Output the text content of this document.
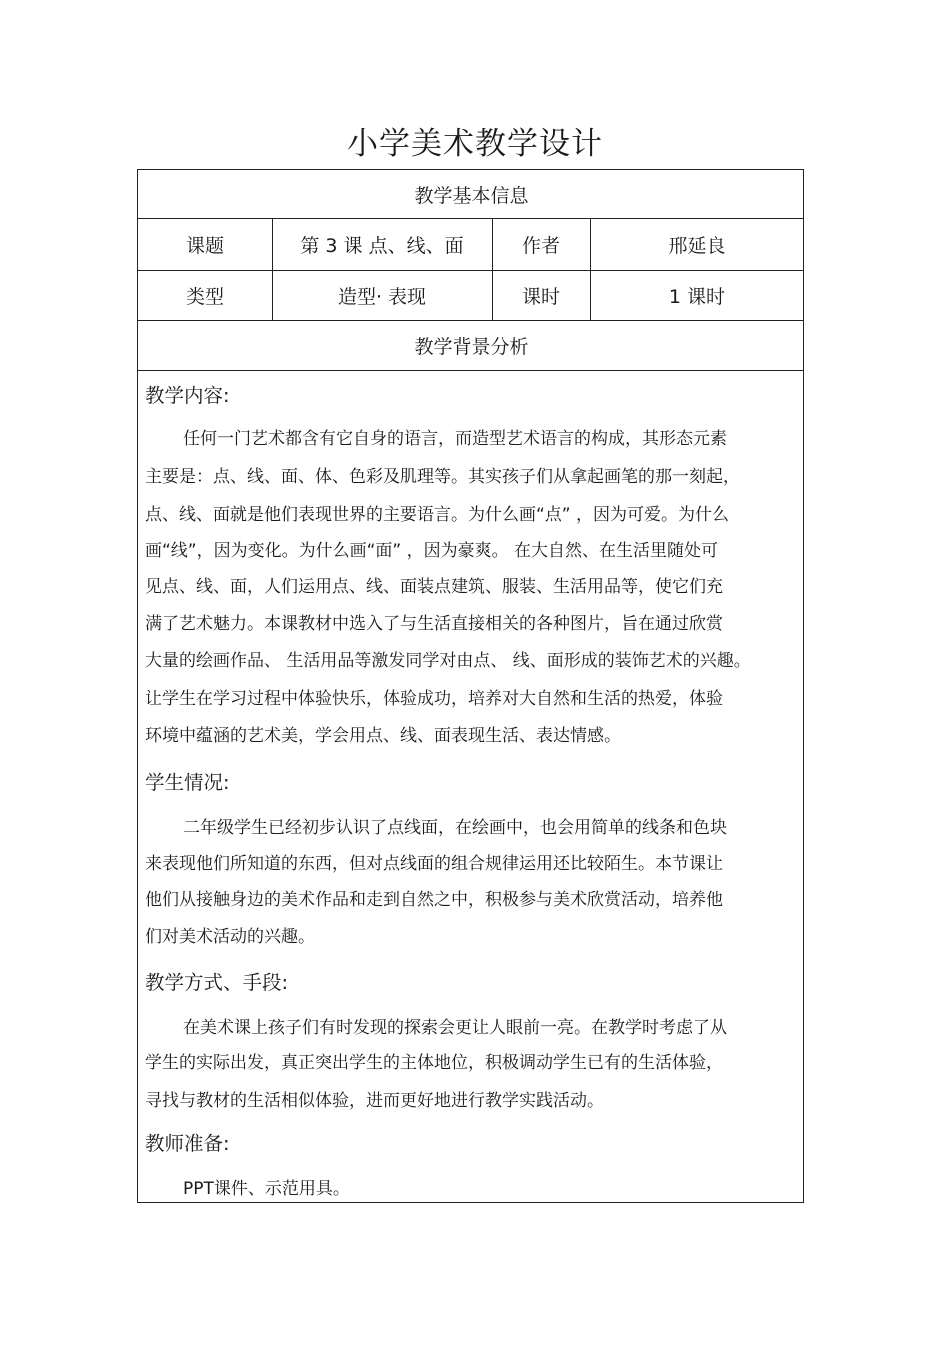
小学美术教学设计
教学基本信息
课题	第 3 课 点、线、面	作者	邢延良
类型	造型· 表现	课时	1 课时
教学背景分析
教学内容:
任何一门艺术都含有它自身的语言，而造型艺术语言的构成，其形态元素
主要是：点、线、面、体、色彩及肌理等。其实孩子们从拿起画笔的那一刻起，
点、线、面就是他们表现世界的主要语言。为什么画“点” ，因为可爱。为什么
画“线”，因为变化。为什么画“面” ，因为豪爽。 在大自然、在生活里随处可
见点、线、面，人们运用点、线、面装点建筑、服装、生活用品等，使它们充
满了艺术魅力。本课教材中选入了与生活直接相关的各种图片，旨在通过欣赏
大量的绘画作品、 生活用品等激发同学对由点、 线、面形成的装饰艺术的兴趣。
让学生在学习过程中体验快乐，体验成功，培养对大自然和生活的热爱，体验
环境中蕴涵的艺术美，学会用点、线、面表现生活、表达情感。
学生情况:
二年级学生已经初步认识了点线面，在绘画中，也会用简单的线条和色块
来表现他们所知道的东西，但对点线面的组合规律运用还比较陌生。本节课让
他们从接触身边的美术作品和走到自然之中，积极参与美术欣赏活动，培养他
们对美术活动的兴趣。
教学方式、手段:
在美术课上孩子们有时发现的探索会更让人眼前一亮。在教学时考虑了从
学生的实际出发，真正突出学生的主体地位，积极调动学生已有的生活体验，
寻找与教材的生活相似体验，进而更好地进行教学实践活动。
教师准备:
PPT课件、示范用具。
